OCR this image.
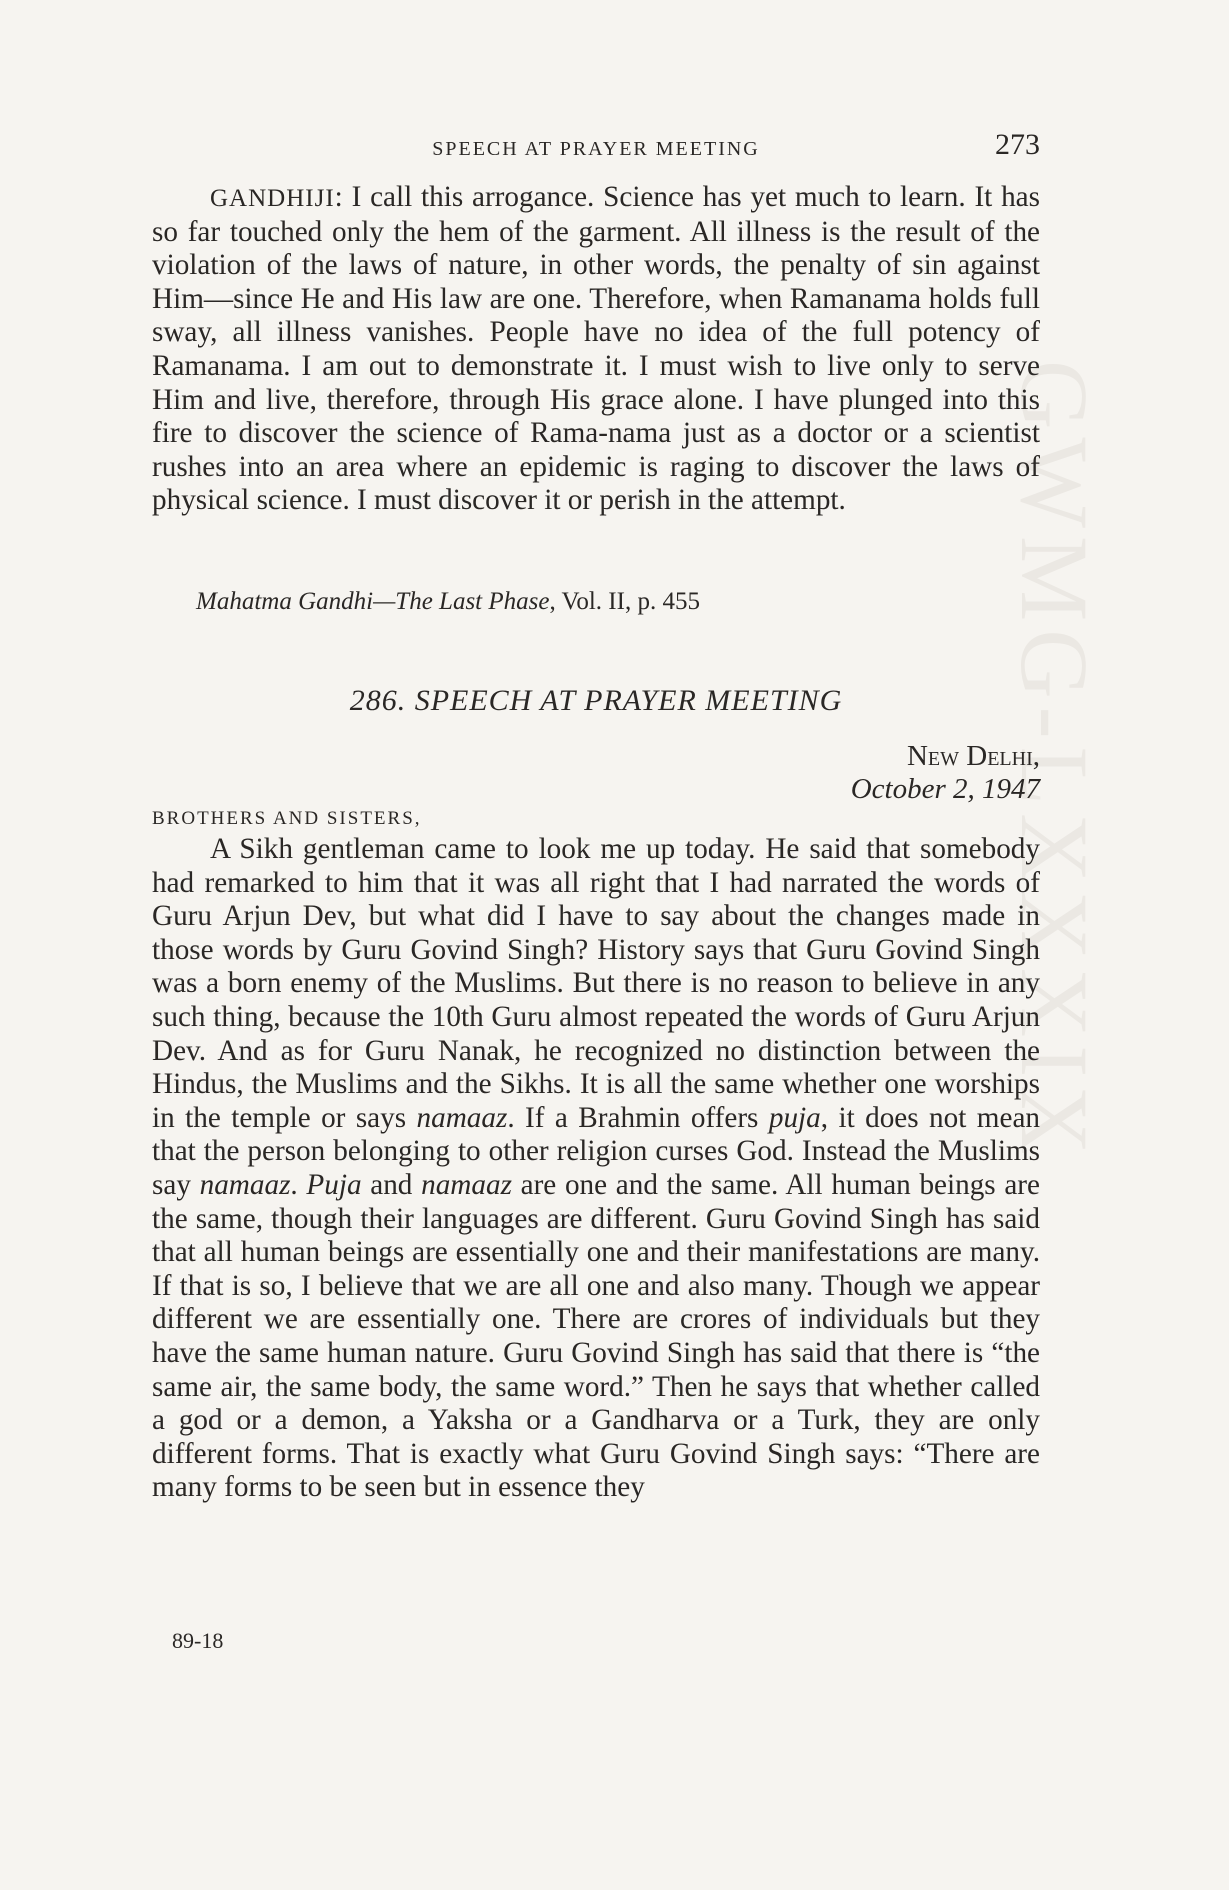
GWMG-LXXXIX
SPEECH AT PRAYER MEETING	273

GANDHIJI: I call this arrogance. Science has yet much to learn. It has so far touched only the hem of the garment. All illness is the result of the violation of the laws of nature, in other words, the penalty of sin against Him—since He and His law are one. Therefore, when Ramanama holds full sway, all illness vanishes. People have no idea of the full potency of Ramanama. I am out to demonstrate it. I must wish to live only to serve Him and live, therefore, through His grace alone. I have plunged into this fire to discover the science of Rama-nama just as a doctor or a scientist rushes into an area where an epidemic is raging to discover the laws of physical science. I must discover it or perish in the attempt.

Mahatma Gandhi—The Last Phase, Vol. II, p. 455
286. SPEECH AT PRAYER MEETING
New Delhi,
October 2, 1947
BROTHERS AND SISTERS,

A Sikh gentleman came to look me up today. He said that somebody had remarked to him that it was all right that I had narrated the words of Guru Arjun Dev, but what did I have to say about the changes made in those words by Guru Govind Singh? History says that Guru Govind Singh was a born enemy of the Muslims. But there is no reason to believe in any such thing, because the 10th Guru almost repeated the words of Guru Arjun Dev. And as for Guru Nanak, he recognized no distinction between the Hindus, the Muslims and the Sikhs. It is all the same whether one worships in the temple or says namaaz. If a Brahmin offers puja, it does not mean that the person belonging to other religion curses God. Instead the Muslims say namaaz. Puja and namaaz are one and the same. All human beings are the same, though their languages are different. Guru Govind Singh has said that all human beings are essentially one and their manifestations are many. If that is so, I believe that we are all one and also many. Though we appear different we are essentially one. There are crores of individuals but they have the same human nature. Guru Govind Singh has said that there is “the same air, the same body, the same word.” Then he says that whether called a god or a demon, a Yaksha or a Gandharva or a Turk, they are only different forms. That is exactly what Guru Govind Singh says: “There are many forms to be seen but in essence they

89-18
